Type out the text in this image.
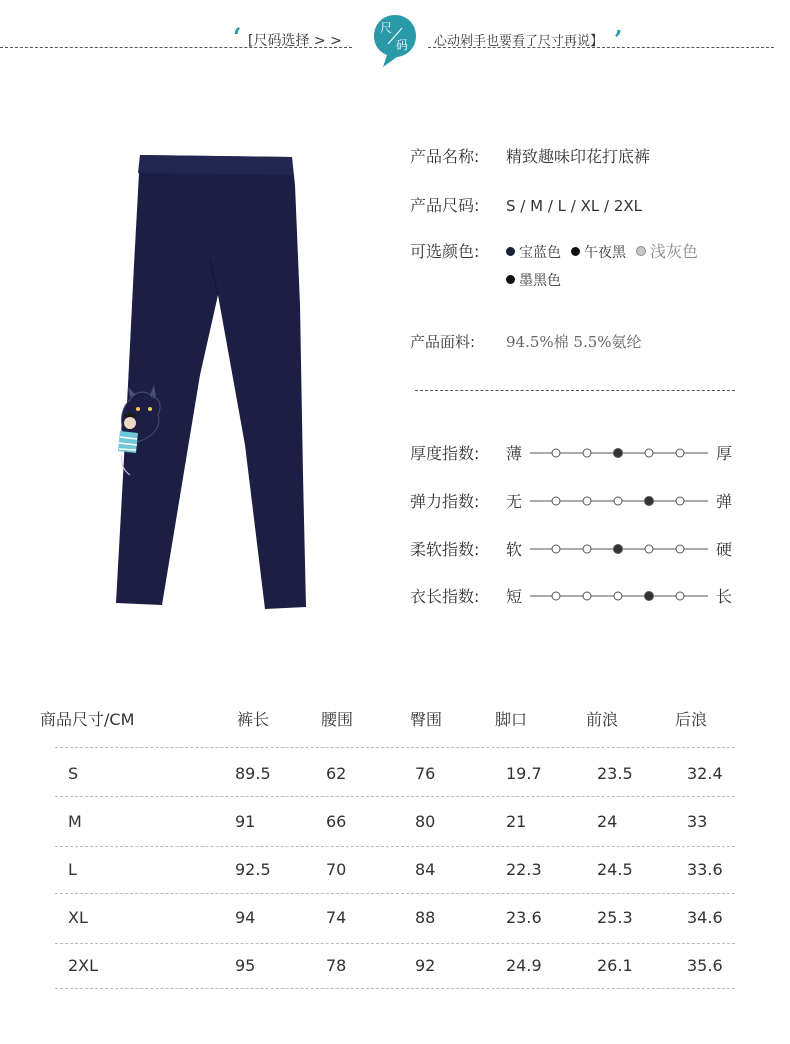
‘ [尺码选择 > >
尺
码 心动剁手也要看了尺寸再说】 ’
产品名称: 精致趣味印花打底裤
产品尺码: S / M / L / XL / 2XL
可选颜色:	宝蓝色 午夜黑 浅灰色
墨黑色
产品面料: 94.5%棉 5.5%氨纶
厚度指数: 薄	厚
弹力指数: 无	弹
柔软指数: 软	硬
衣长指数: 短	长
商品尺寸/CM	裤长	腰围	臀围	脚口	前浪	后浪
S	89.5	62	76	19.7	23.5	32.4
M	91	66	80	21	24	33
L	92.5	70	84	22.3	24.5	33.6
XL	94	74	88	23.6	25.3	34.6
2XL	95	78	92	24.9	26.1	35.6
